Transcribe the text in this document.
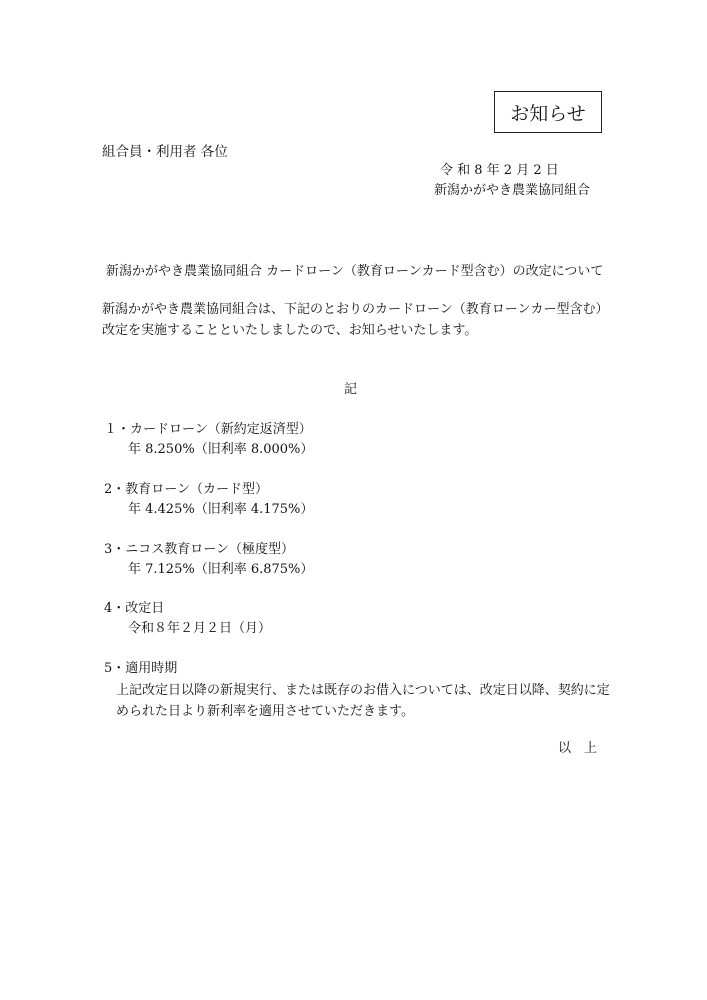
お知らせ
組合員・利用者 各位
令 和 8 年 2 月 2 日
新潟かがやき農業協同組合
新潟かがやき農業協同組合 カードローン（教育ローンカード型含む）の改定について
新潟かがやき農業協同組合は、下記のとおりのカードローン（教育ローンカー型含む）
改定を実施することといたしましたので、お知らせいたします。
記
１・カードローン（新約定返済型）
年 8.250%（旧利率 8.000%）
2・教育ローン（カード型）
年 4.425%（旧利率 4.175%）
3・ニコス教育ローン（極度型）
年 7.125%（旧利率 6.875%）
4・改定日
令和８年２月２日（月）
5・適用時期
上記改定日以降の新規実行、または既存のお借入については、改定日以降、契約に定
められた日より新利率を適用させていただきます。
以　上
